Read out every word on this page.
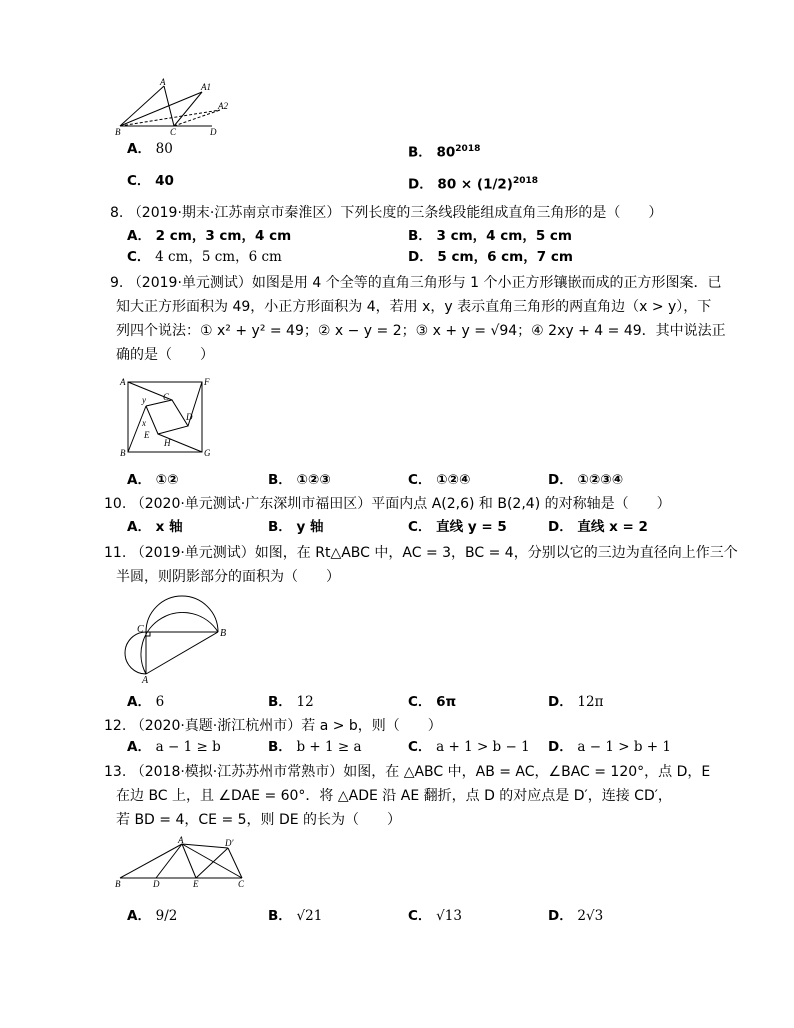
A	A1
A2
B	C	D
A． 80	B． $80^{2018}$
C． 40	D． $80 \times (1/2)^{2018}$
8. （2019·期末·江苏南京市秦淮区）下列长度的三条线段能组成直角三角形的是（　　）
A． 2 cm，3 cm，4 cm	B． 3 cm，4 cm，5 cm
C． 4 cm，5 cm，6 cm	D． 5 cm，6 cm，7 cm
9. （2019·单元测试）如图是用 4 个全等的直角三角形与 1 个小正方形镶嵌而成的正方形图案．已
知大正方形面积为 49，小正方形面积为 4，若用 x，y 表示直角三角形的两直角边（x > y），下
列四个说法：① x² + y² = 49；② x − y = 2；③ x + y = √94；④ 2xy + 4 = 49．其中说法正
确的是（　　）
A	F
B	G
C
D
E
H
x
y
A． ①②	B． ①②③	C． ①②④	D． ①②③④
10. （2020·单元测试·广东深圳市福田区）平面内点 A(2,6) 和 B(2,4) 的对称轴是（　　）
A． x 轴	B． y 轴	C． 直线 y = 5	D． 直线 x = 2
11. （2019·单元测试）如图，在 Rt△ABC 中，AC = 3，BC = 4，分别以它的三边为直径向上作三个
半圆，则阴影部分的面积为（　　）
C	B
A
A． 6	B． 12	C． 6π	D． 12π
12. （2020·真题·浙江杭州市）若 a > b，则（　　）
A． a − 1 ≥ b	B． b + 1 ≥ a	C． a + 1 > b − 1 D． a − 1 > b + 1
13. （2018·模拟·江苏苏州市常熟市）如图，在 △ABC 中，AB = AC，∠BAC = 120°，点 D，E
在边 BC 上，且 ∠DAE = 60°．将 △ADE 沿 AE 翻折，点 D 的对应点是 D′，连接 CD′，
若 BD = 4，CE = 5，则 DE 的长为（　　）
A	D′
B	D	E	C
A． 9/2	B． √21	C． √13	D． 2√3
